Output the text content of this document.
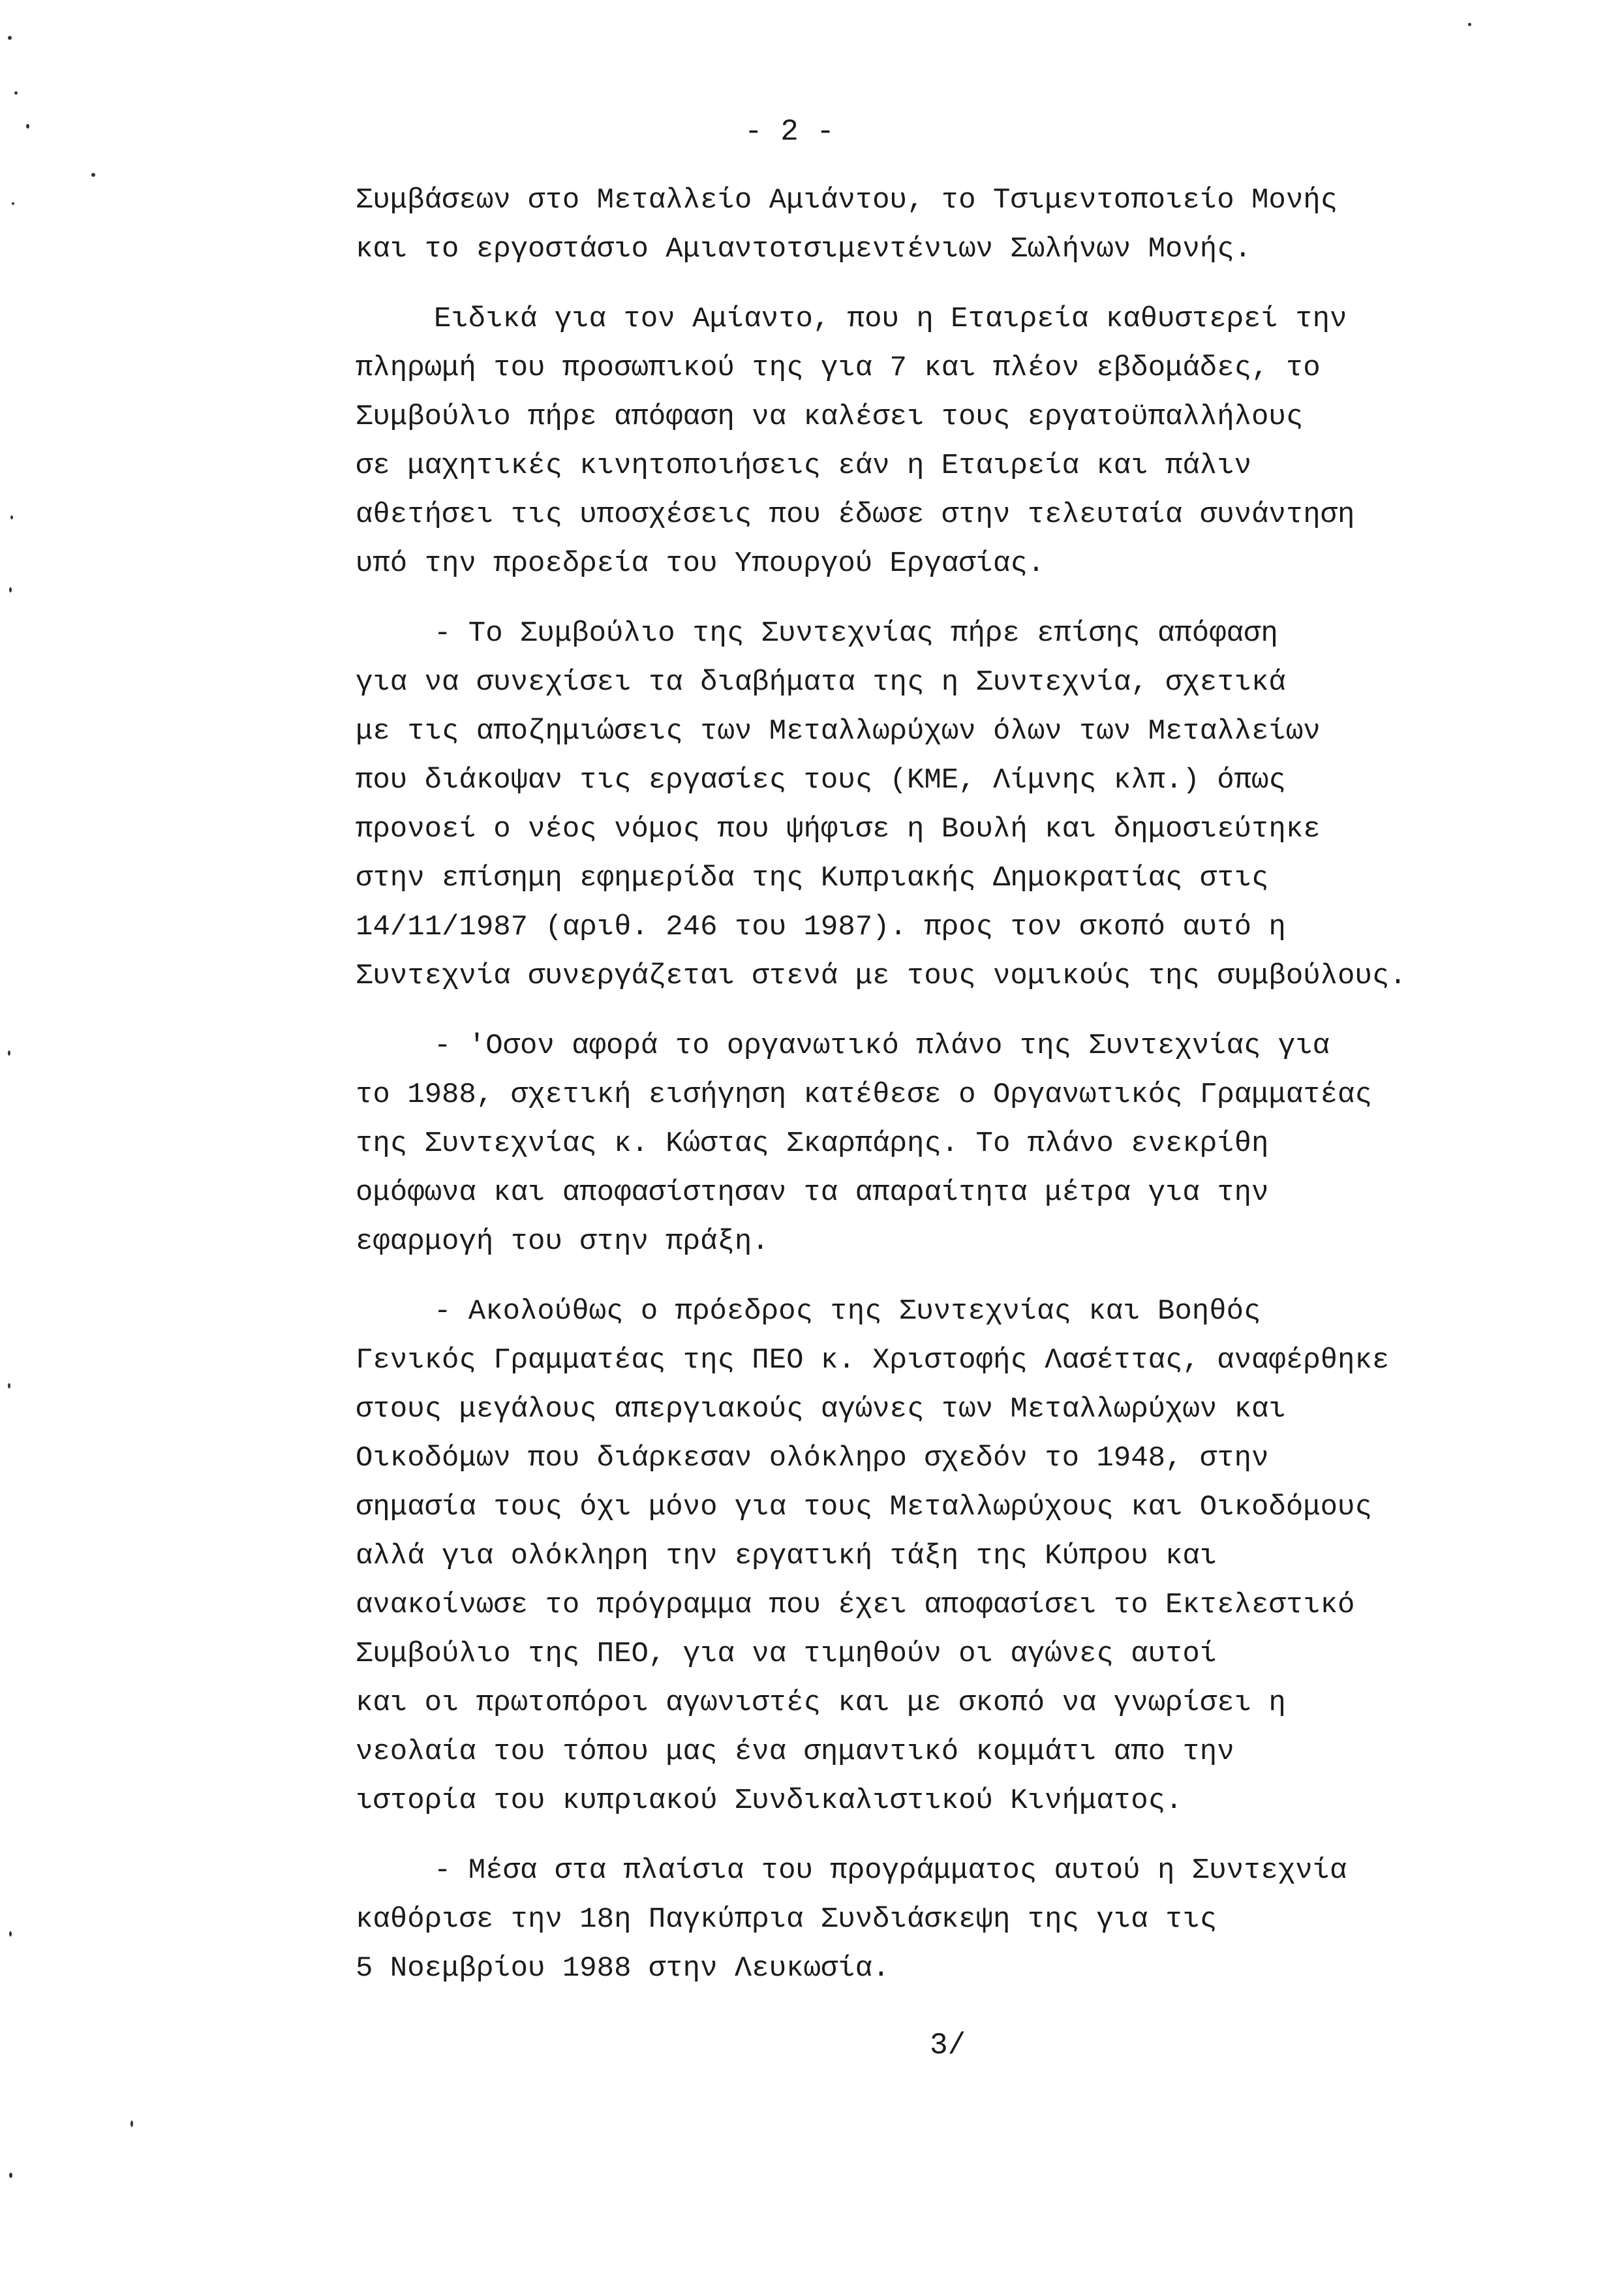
- 2 -
Συμβάσεων στο Μεταλλείο Αμιάντου, το Τσιμεντοποιείο Μονής
και το εργοστάσιο Αμιαντοτσιμεντένιων Σωλήνων Μονής.
Ειδικά για τον Αμίαντο, που η Εταιρεία καθυστερεί την
πληρωμή του προσωπικού της για 7 και πλέον εβδομάδες, το
Συμβούλιο πήρε απόφαση να καλέσει τους εργατοϋπαλλήλους
σε μαχητικές κινητοποιήσεις εάν η Εταιρεία και πάλιν
αθετήσει τις υποσχέσεις που έδωσε στην τελευταία συνάντηση
υπό την προεδρεία του Υπουργού Εργασίας.
- Το Συμβούλιο της Συντεχνίας πήρε επίσης απόφαση
για να συνεχίσει τα διαβήματα της η Συντεχνία, σχετικά
με τις αποζημιώσεις των Μεταλλωρύχων όλων των Μεταλλείων
που διάκοψαν τις εργασίες τους (ΚΜΕ, Λίμνης κλπ.) όπως
προνοεί ο νέος νόμος που ψήφισε η Βουλή και δημοσιεύτηκε
στην επίσημη εφημερίδα της Κυπριακής Δημοκρατίας στις
14/11/1987 (αριθ. 246 του 1987). προς τον σκοπό αυτό η
Συντεχνία συνεργάζεται στενά με τους νομικούς της συμβούλους.
- 'Οσον αφορά το οργανωτικό πλάνο της Συντεχνίας για
το 1988, σχετική εισήγηση κατέθεσε ο Οργανωτικός Γραμματέας
της Συντεχνίας κ. Κώστας Σκαρπάρης. Το πλάνο ενεκρίθη
ομόφωνα και αποφασίστησαν τα απαραίτητα μέτρα για την
εφαρμογή του στην πράξη.
- Ακολούθως ο πρόεδρος της Συντεχνίας και Βοηθός
Γενικός Γραμματέας της ΠΕΟ κ. Χριστοφής Λασέττας, αναφέρθηκε
στους μεγάλους απεργιακούς αγώνες των Μεταλλωρύχων και
Οικοδόμων που διάρκεσαν ολόκληρο σχεδόν το 1948, στην
σημασία τους όχι μόνο για τους Μεταλλωρύχους και Οικοδόμους
αλλά για ολόκληρη την εργατική τάξη της Κύπρου και
ανακοίνωσε το πρόγραμμα που έχει αποφασίσει το Εκτελεστικό
Συμβούλιο της ΠΕΟ, για να τιμηθούν οι αγώνες αυτοί
και οι πρωτοπόροι αγωνιστές και με σκοπό να γνωρίσει η
νεολαία του τόπου μας ένα σημαντικό κομμάτι απο την
ιστορία του κυπριακού Συνδικαλιστικού Κινήματος.
- Μέσα στα πλαίσια του προγράμματος αυτού η Συντεχνία
καθόρισε την 18η Παγκύπρια Συνδιάσκεψη της για τις
5 Νοεμβρίου 1988 στην Λευκωσία.
3/
